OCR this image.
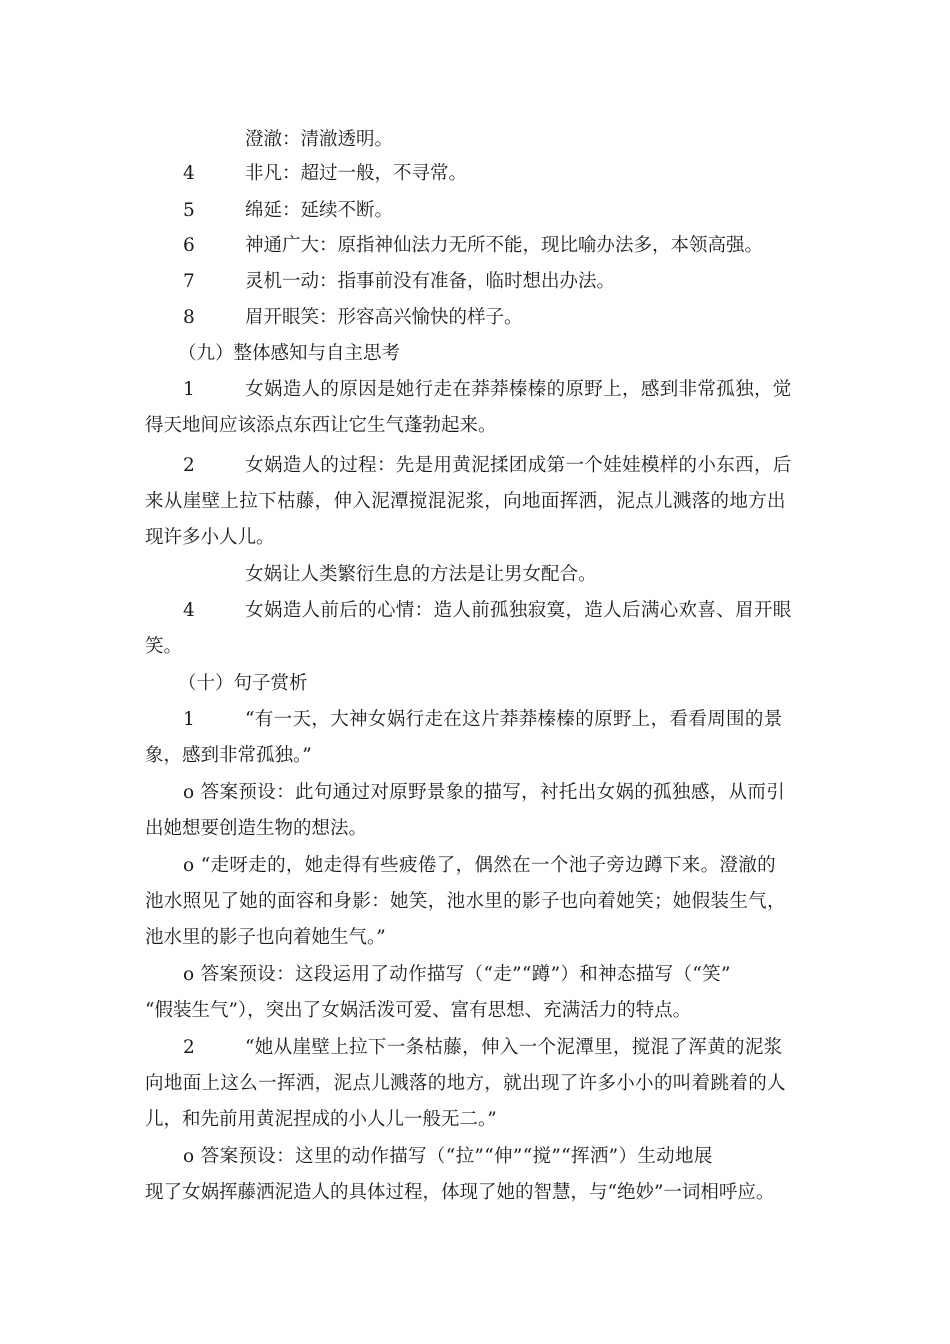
澄澈：清澈透明。
4	非凡：超过一般，不寻常。
5	绵延：延续不断。
6	神通广大：原指神仙法力无所不能，现比喻办法多，本领高强。
7	灵机一动：指事前没有准备，临时想出办法。
8	眉开眼笑：形容高兴愉快的样子。
（九）整体感知与自主思考
1	女娲造人的原因是她行走在莽莽榛榛的原野上，感到非常孤独，觉
得天地间应该添点东西让它生气蓬勃起来。
2	女娲造人的过程：先是用黄泥揉团成第一个娃娃模样的小东西，后
来从崖壁上拉下枯藤，伸入泥潭搅混泥浆，向地面挥洒，泥点儿溅落的地方出
现许多小人儿。
女娲让人类繁衍生息的方法是让男女配合。
4	女娲造人前后的心情：造人前孤独寂寞，造人后满心欢喜、眉开眼
笑。
（十）句子赏析
1	“有一天，大神女娲行走在这片莽莽榛榛的原野上，看看周围的景
象，感到非常孤独。”
o 答案预设：此句通过对原野景象的描写，衬托出女娲的孤独感，从而引
出她想要创造生物的想法。
o “走呀走的，她走得有些疲倦了，偶然在一个池子旁边蹲下来。澄澈的
池水照见了她的面容和身影：她笑，池水里的影子也向着她笑；她假装生气，
池水里的影子也向着她生气。”
o 答案预设：这段运用了动作描写（“走”“蹲”）和神态描写（“笑”
“假装生气”），突出了女娲活泼可爱、富有思想、充满活力的特点。
2	“她从崖壁上拉下一条枯藤，伸入一个泥潭里，搅混了浑黄的泥浆
向地面上这么一挥洒，泥点儿溅落的地方，就出现了许多小小的叫着跳着的人
儿，和先前用黄泥捏成的小人儿一般无二。”
o 答案预设：这里的动作描写（“拉”“伸”“搅”“挥洒”）生动地展
现了女娲挥藤洒泥造人的具体过程，体现了她的智慧，与“绝妙”一词相呼应。
